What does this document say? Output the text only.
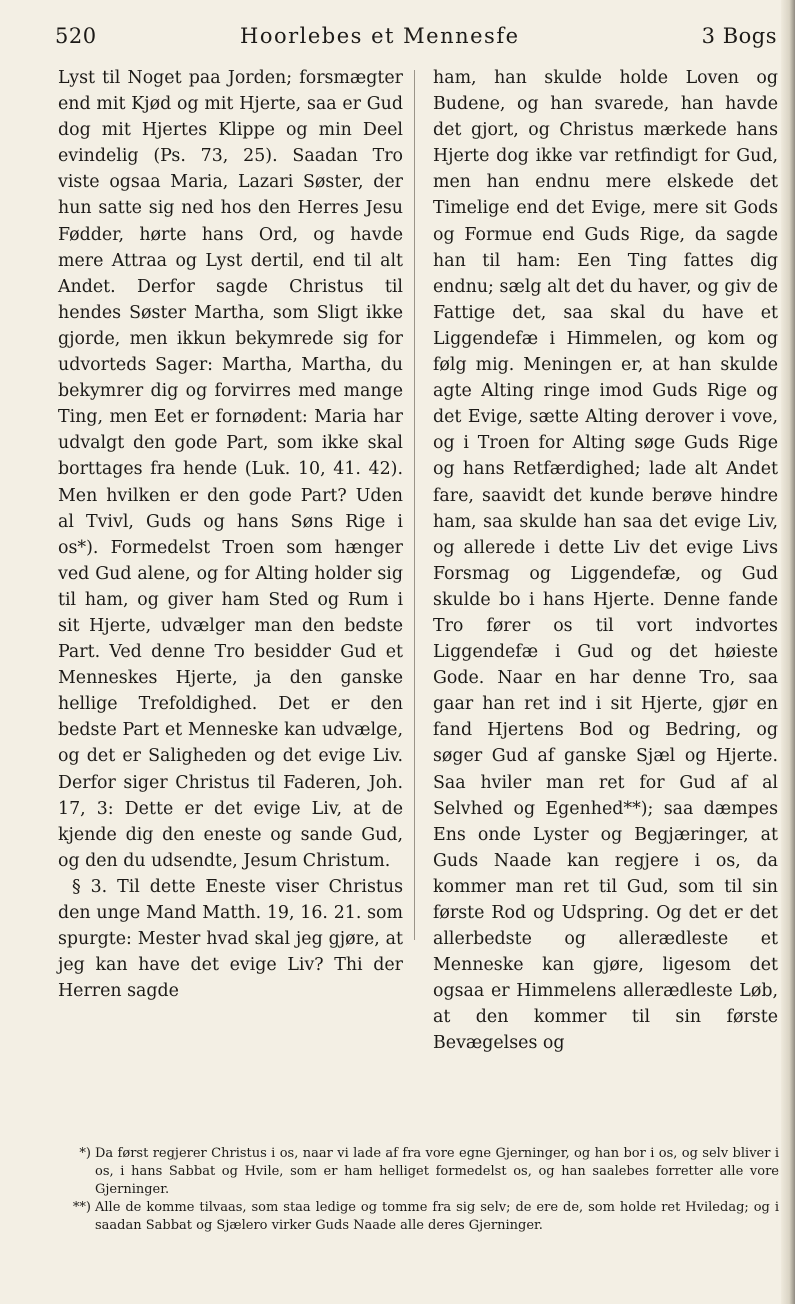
520	Hoorlebes et Mennesfe	3 Bogs

Lyst til Noget paa Jorden; forsmægter end mit Kjød og mit Hjerte, saa er Gud dog mit Hjertes Klippe og min Deel evindelig (Ps. 73, 25). Saadan Tro viste ogsaa Maria, Lazari Søster, der hun satte sig ned hos den Herres Jesu Fødder, hørte hans Ord, og havde mere Attraa og Lyst dertil, end til alt Andet. Derfor sagde Christus til hendes Søster Martha, som Sligt ikke gjorde, men ikkun bekymrede sig for udvorteds Sager: Martha, Martha, du bekymrer dig og forvirres med mange Ting, men Eet er fornødent: Maria har udvalgt den gode Part, som ikke skal borttages fra hende (Luk. 10, 41. 42). Men hvilken er den gode Part? Uden al Tvivl, Guds og hans Søns Rige i os*). Formedelst Troen som hænger ved Gud alene, og for Alting holder sig til ham, og giver ham Sted og Rum i sit Hjerte, udvælger man den bedste Part. Ved denne Tro besidder Gud et Menneskes Hjerte, ja den ganske hellige Trefoldighed. Det er den bedste Part et Menneske kan udvælge, og det er Saligheden og det evige Liv. Derfor siger Christus til Faderen, Joh. 17, 3: Dette er det evige Liv, at de kjende dig den eneste og sande Gud, og den du udsendte, Jesum Christum.

§ 3. Til dette Eneste viser Christus den unge Mand Matth. 19, 16. 21. som spurgte: Mester hvad skal jeg gjøre, at jeg kan have det evige Liv? Thi der Herren sagde

ham, han skulde holde Loven og Budene, og han svarede, han havde det gjort, og Christus mærkede hans Hjerte dog ikke var retfindigt for Gud, men han endnu mere elskede det Timelige end det Evige, mere sit Gods og Formue end Guds Rige, da sagde han til ham: Een Ting fattes dig endnu; sælg alt det du haver, og giv de Fattige det, saa skal du have et Liggendefæ i Himmelen, og kom og følg mig. Meningen er, at han skulde agte Alting ringe imod Guds Rige og det Evige, sætte Alting derover i vove, og i Troen for Alting søge Guds Rige og hans Retfærdighed; lade alt Andet fare, saavidt det kunde berøve hindre ham, saa skulde han saa det evige Liv, og allerede i dette Liv det evige Livs Forsmag og Liggendefæ, og Gud skulde bo i hans Hjerte. Denne fande Tro fører os til vort indvortes Liggendefæ i Gud og det høieste Gode. Naar en har denne Tro, saa gaar han ret ind i sit Hjerte, gjør en fand Hjertens Bod og Bedring, og søger Gud af ganske Sjæl og Hjerte. Saa hviler man ret for Gud af al Selvhed og Egenhed**); saa dæmpes Ens onde Lyster og Begjæringer, at Guds Naade kan regjere i os, da kommer man ret til Gud, som til sin første Rod og Udspring. Og det er det allerbedste og allerædleste et Menneske kan gjøre, ligesom det ogsaa er Himmelens allerædleste Løb, at den kommer til sin første Bevægelses og

*) Da først regjerer Christus i os, naar vi lade af fra vore egne Gjerninger, og han bor i os, og selv bliver i os, i hans Sabbat og Hvile, som er ham helliget formedelst os, og han saalebes forretter alle vore Gjerninger.

**) Alle de komme tilvaas, som staa ledige og tomme fra sig selv; de ere de, som holde ret Hviledag; og i saadan Sabbat og Sjælero virker Guds Naade alle deres Gjerninger.
